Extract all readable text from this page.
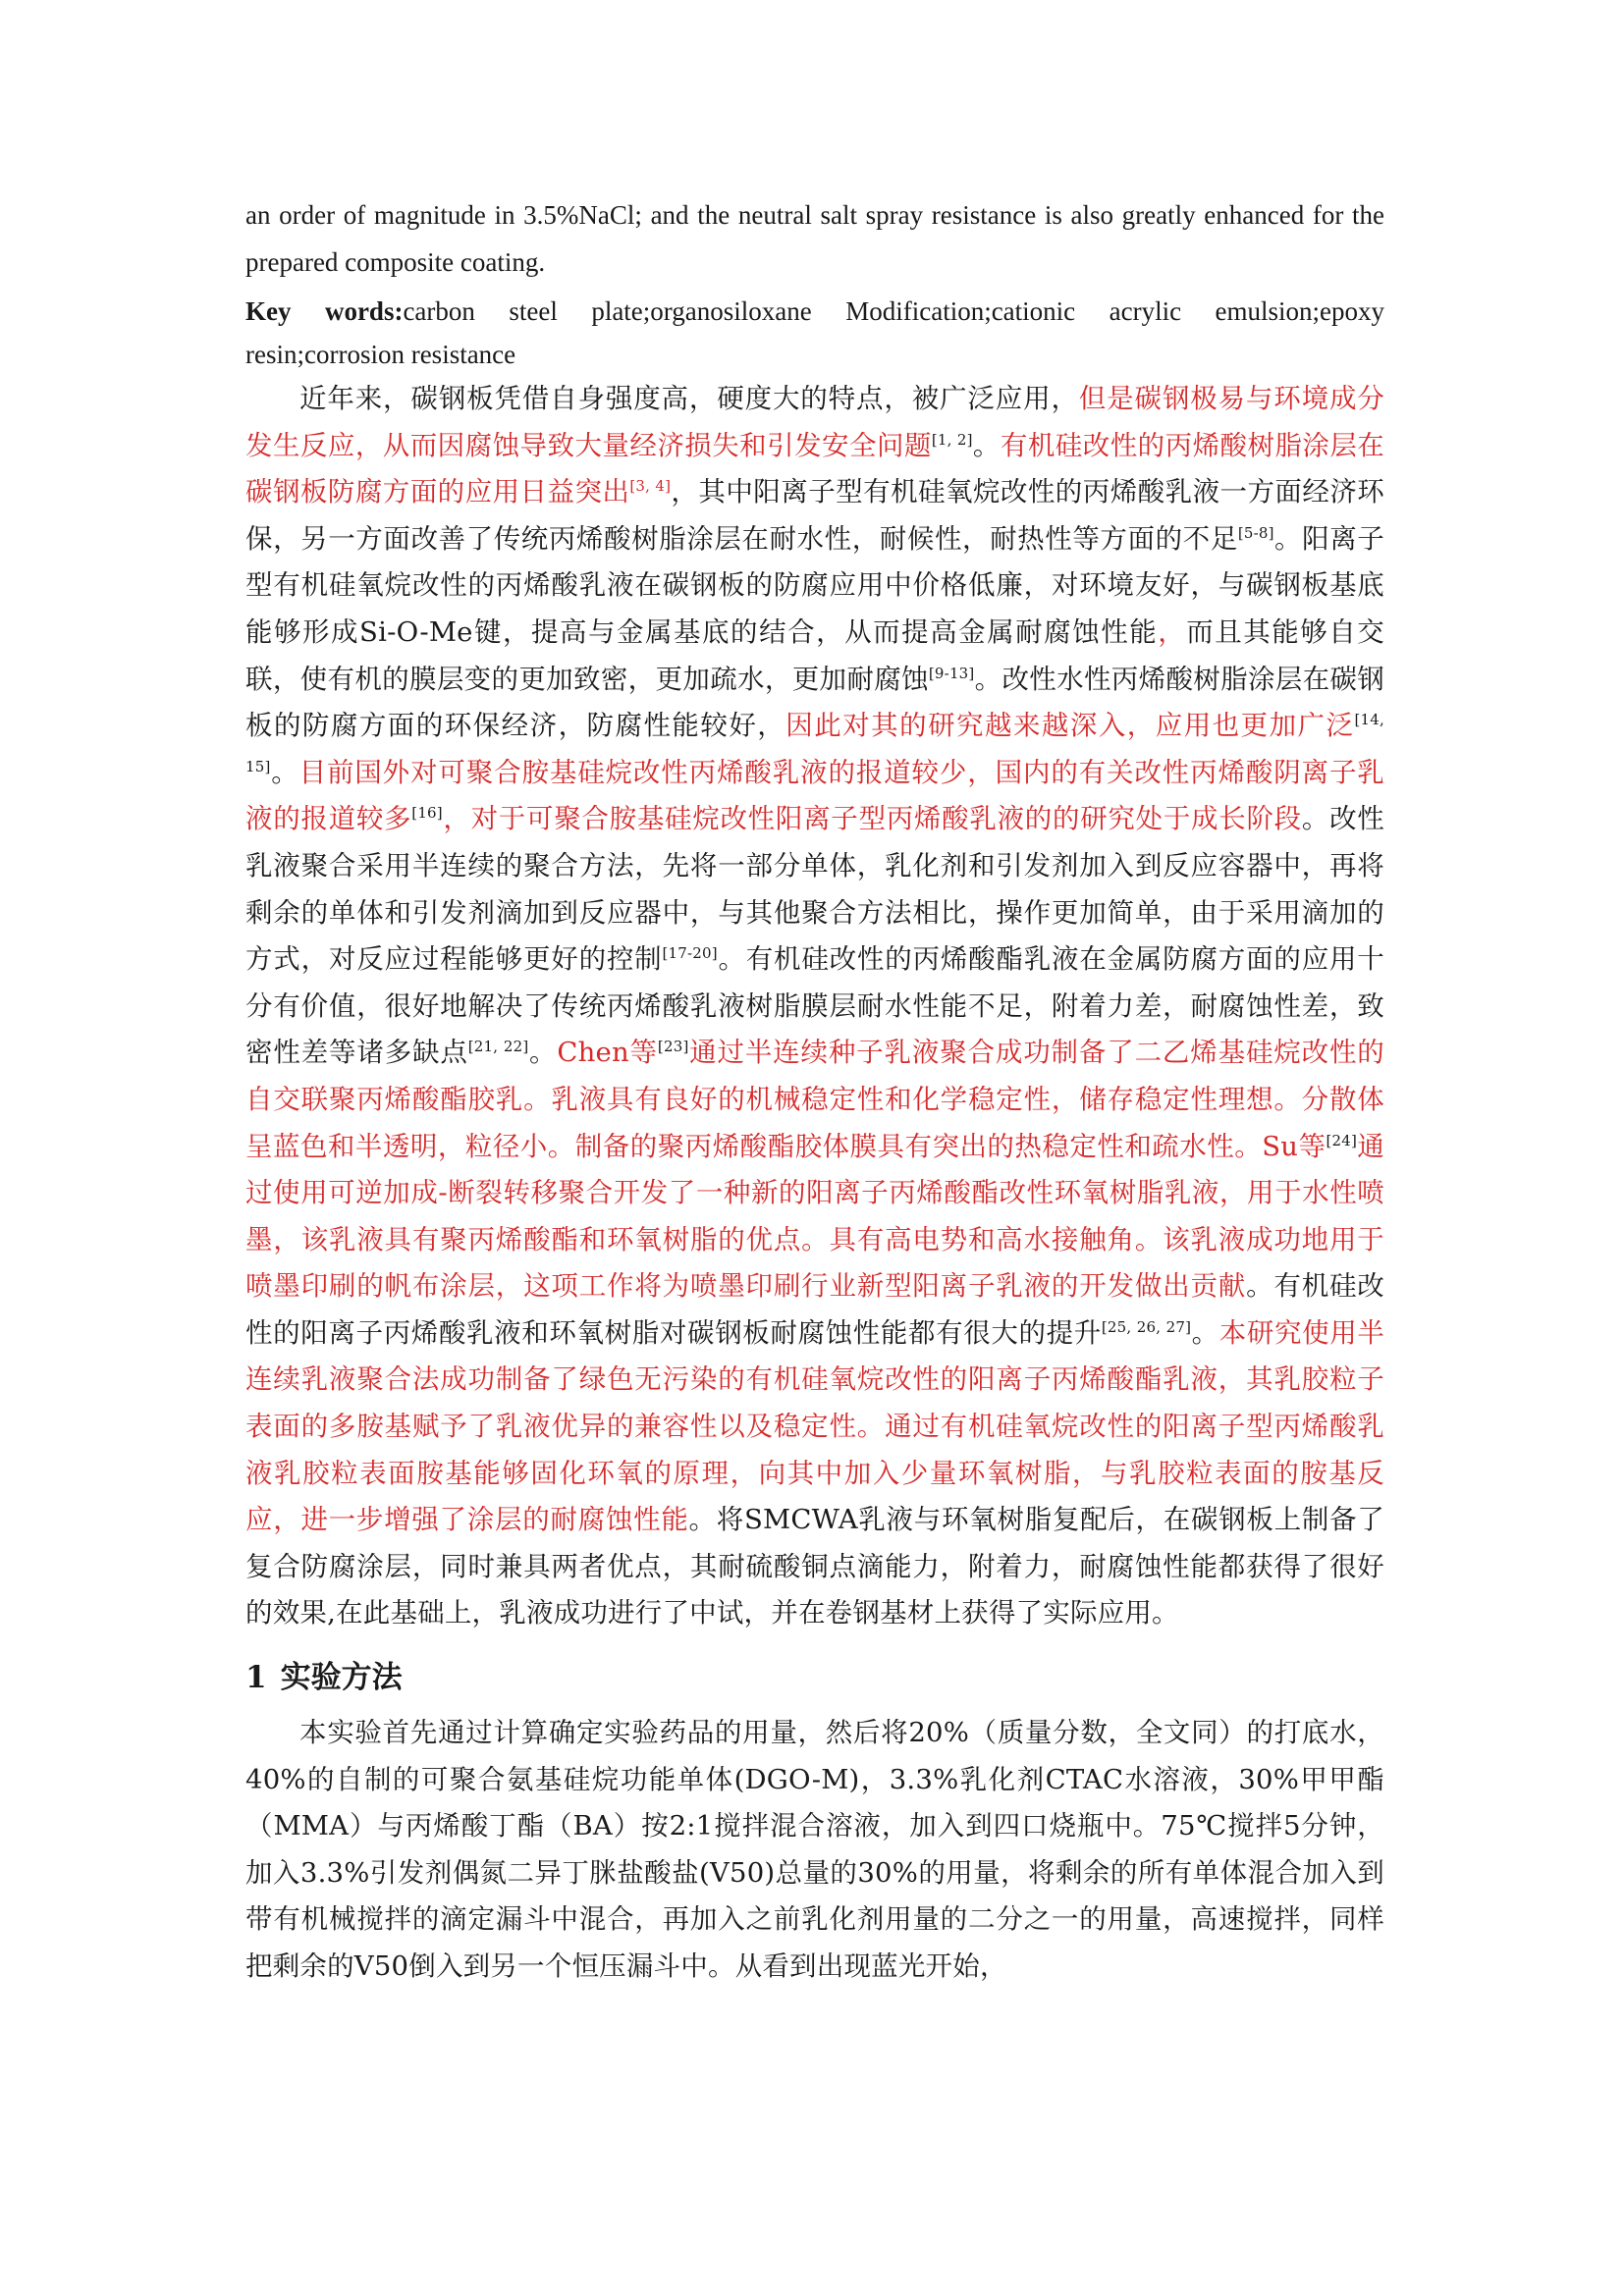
an order of magnitude in 3.5%NaCl; and the neutral salt spray resistance is also greatly enhanced for the prepared composite coating.

Key words:carbon steel plate;organosiloxane Modification;cationic acrylic emulsion;epoxy resin;corrosion resistance

近年来，碳钢板凭借自身强度高，硬度大的特点，被广泛应用，但是碳钢极易与环境成分发生反应，从而因腐蚀导致大量经济损失和引发安全问题[1, 2]。有机硅改性的丙烯酸树脂涂层在碳钢板防腐方面的应用日益突出[3, 4]，其中阳离子型有机硅氧烷改性的丙烯酸乳液一方面经济环保，另一方面改善了传统丙烯酸树脂涂层在耐水性，耐候性，耐热性等方面的不足[5-8]。阳离子型有机硅氧烷改性的丙烯酸乳液在碳钢板的防腐应用中价格低廉，对环境友好，与碳钢板基底能够形成Si-O-Me键，提高与金属基底的结合，从而提高金属耐腐蚀性能，而且其能够自交联，使有机的膜层变的更加致密，更加疏水，更加耐腐蚀[9-13]。改性水性丙烯酸树脂涂层在碳钢板的防腐方面的环保经济，防腐性能较好，因此对其的研究越来越深入，应用也更加广泛[14, 15]。目前国外对可聚合胺基硅烷改性丙烯酸乳液的报道较少，国内的有关改性丙烯酸阴离子乳液的报道较多[16]，对于可聚合胺基硅烷改性阳离子型丙烯酸乳液的的研究处于成长阶段。改性乳液聚合采用半连续的聚合方法，先将一部分单体，乳化剂和引发剂加入到反应容器中，再将剩余的单体和引发剂滴加到反应器中，与其他聚合方法相比，操作更加简单，由于采用滴加的方式，对反应过程能够更好的控制[17-20]。有机硅改性的丙烯酸酯乳液在金属防腐方面的应用十分有价值，很好地解决了传统丙烯酸乳液树脂膜层耐水性能不足，附着力差，耐腐蚀性差，致密性差等诸多缺点[21, 22]。Chen等[23]通过半连续种子乳液聚合成功制备了二乙烯基硅烷改性的自交联聚丙烯酸酯胶乳。乳液具有良好的机械稳定性和化学稳定性，储存稳定性理想。分散体呈蓝色和半透明，粒径小。制备的聚丙烯酸酯胶体膜具有突出的热稳定性和疏水性。Su等[24]通过使用可逆加成-断裂转移聚合开发了一种新的阳离子丙烯酸酯改性环氧树脂乳液，用于水性喷墨，该乳液具有聚丙烯酸酯和环氧树脂的优点。具有高电势和高水接触角。该乳液成功地用于喷墨印刷的帆布涂层，这项工作将为喷墨印刷行业新型阳离子乳液的开发做出贡献。有机硅改性的阳离子丙烯酸乳液和环氧树脂对碳钢板耐腐蚀性能都有很大的提升[25, 26, 27]。本研究使用半连续乳液聚合法成功制备了绿色无污染的有机硅氧烷改性的阳离子丙烯酸酯乳液，其乳胶粒子表面的多胺基赋予了乳液优异的兼容性以及稳定性。通过有机硅氧烷改性的阳离子型丙烯酸乳液乳胶粒表面胺基能够固化环氧的原理，向其中加入少量环氧树脂，与乳胶粒表面的胺基反应，进一步增强了涂层的耐腐蚀性能。将SMCWA乳液与环氧树脂复配后，在碳钢板上制备了复合防腐涂层，同时兼具两者优点，其耐硫酸铜点滴能力，附着力，耐腐蚀性能都获得了很好的效果,在此基础上，乳液成功进行了中试，并在卷钢基材上获得了实际应用。

1 实验方法

本实验首先通过计算确定实验药品的用量，然后将20%（质量分数，全文同）的打底水，40%的自制的可聚合氨基硅烷功能单体(DGO-M)，3.3%乳化剂CTAC水溶液，30%甲甲酯（MMA）与丙烯酸丁酯（BA）按2:1搅拌混合溶液，加入到四口烧瓶中。75℃搅拌5分钟，加入3.3%引发剂偶氮二异丁脒盐酸盐(V50)总量的30%的用量，将剩余的所有单体混合加入到带有机械搅拌的滴定漏斗中混合，再加入之前乳化剂用量的二分之一的用量，高速搅拌，同样把剩余的V50倒入到另一个恒压漏斗中。从看到出现蓝光开始，
